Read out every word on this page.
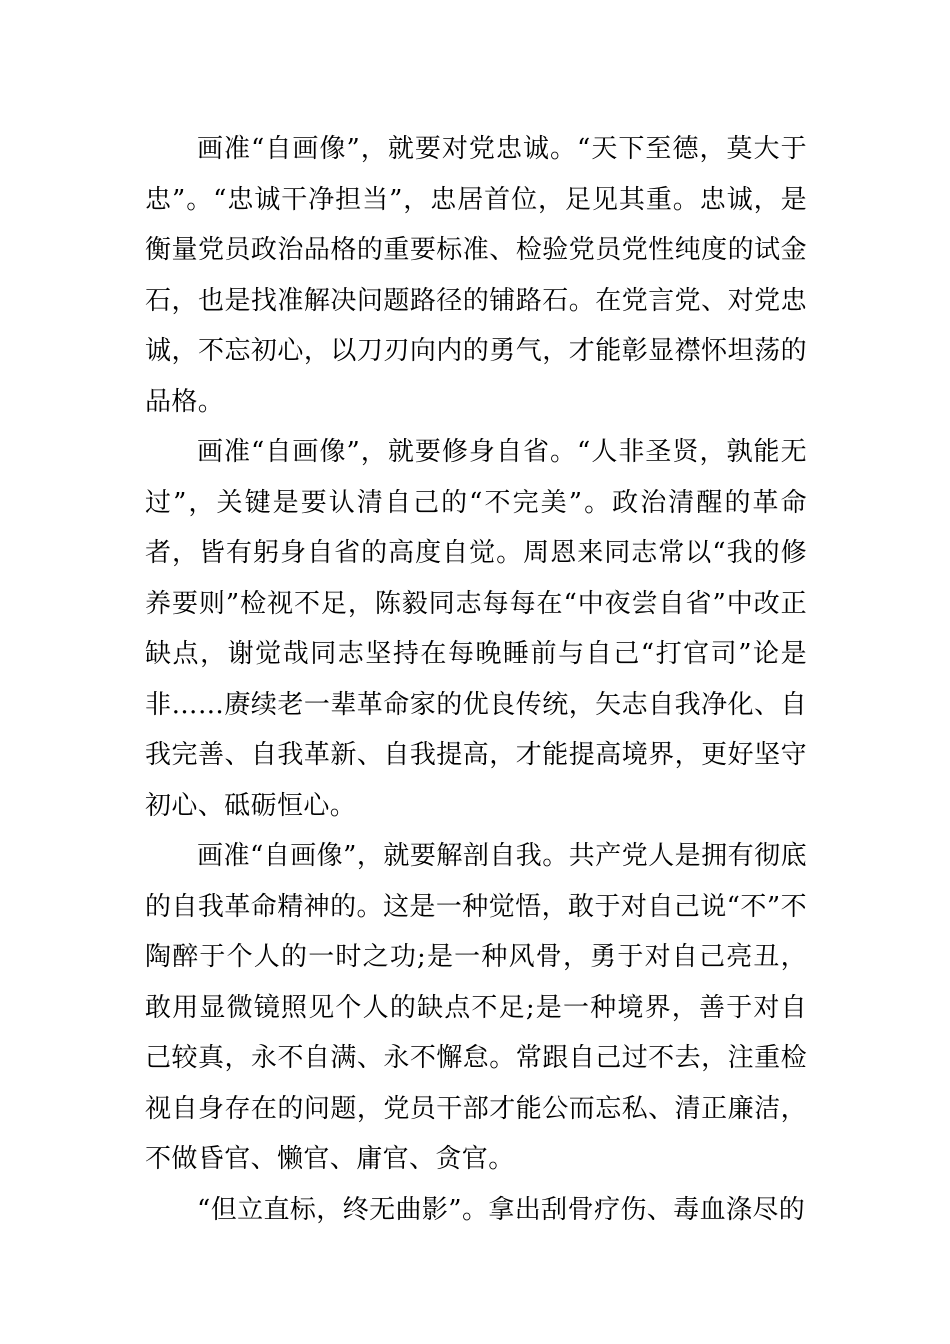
画准“自画像”，就要对党忠诚。“天下至德，莫大于忠”。“忠诚干净担当”，忠居首位，足见其重。忠诚，是衡量党员政治品格的重要标准、检验党员党性纯度的试金石，也是找准解决问题路径的铺路石。在党言党、对党忠诚，不忘初心，以刀刃向内的勇气，才能彰显襟怀坦荡的品格。

画准“自画像”，就要修身自省。“人非圣贤，孰能无过”，关键是要认清自己的“不完美”。政治清醒的革命者，皆有躬身自省的高度自觉。周恩来同志常以“我的修养要则”检视不足，陈毅同志每每在“中夜尝自省”中改正缺点，谢觉哉同志坚持在每晚睡前与自己“打官司”论是非……赓续老一辈革命家的优良传统，矢志自我净化、自我完善、自我革新、自我提高，才能提高境界，更好坚守初心、砥砺恒心。

画准“自画像”，就要解剖自我。共产党人是拥有彻底的自我革命精神的。这是一种觉悟，敢于对自己说“不”不陶醉于个人的一时之功;是一种风骨，勇于对自己亮丑，敢用显微镜照见个人的缺点不足;是一种境界，善于对自己较真，永不自满、永不懈怠。常跟自己过不去，注重检视自身存在的问题，党员干部才能公而忘私、清正廉洁，不做昏官、懒官、庸官、贪官。

“但立直标，终无曲影”。拿出刮骨疗伤、毒血涤尽的
